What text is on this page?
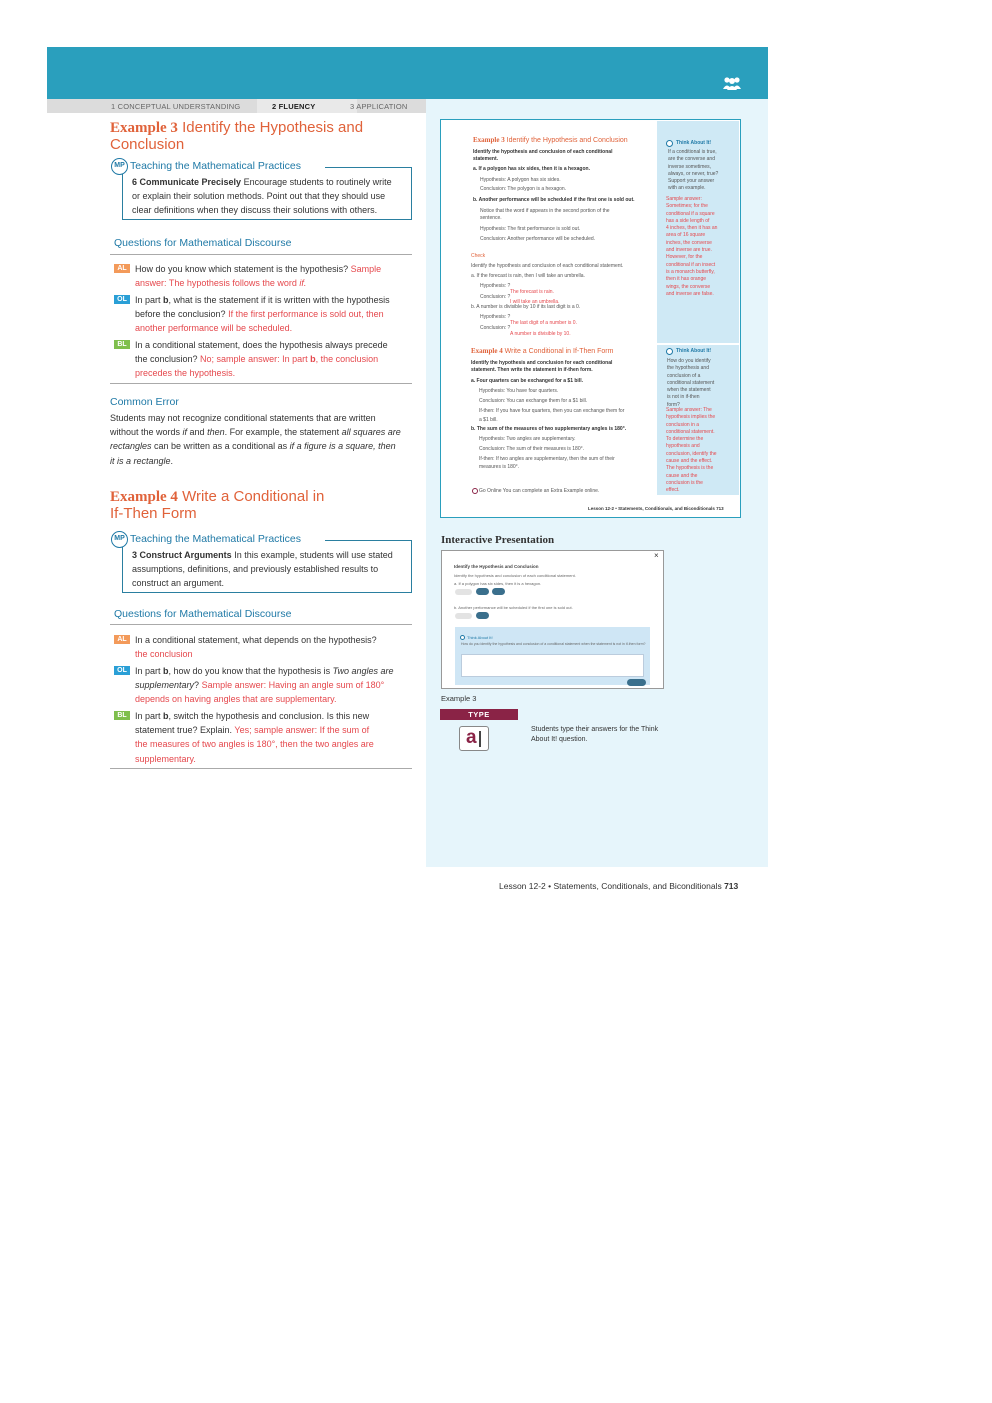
1 CONCEPTUAL UNDERSTANDING	2 FLUENCY	3 APPLICATION
Example 3 Identify the Hypothesis and
Conclusion
MP Teaching the Mathematical Practices
6 Communicate Precisely Encourage students to routinely write
or explain their solution methods. Point out that they should use
clear definitions when they discuss their solutions with others.
Questions for Mathematical Discourse
AL How do you know which statement is the hypothesis? Sample
answer: The hypothesis follows the word if.
OL In part b, what is the statement if it is written with the hypothesis
before the conclusion? If the first performance is sold out, then
another performance will be scheduled.
BL In a conditional statement, does the hypothesis always precede
the conclusion? No; sample answer: In part b, the conclusion
precedes the hypothesis.
Common Error
Students may not recognize conditional statements that are written
without the words if and then. For example, the statement all squares are
rectangles can be written as a conditional as if a figure is a square, then
it is a rectangle.
Example 4 Write a Conditional in
If-Then Form
MP Teaching the Mathematical Practices
3 Construct Arguments In this example, students will use stated
assumptions, definitions, and previously established results to
construct an argument.
Questions for Mathematical Discourse
AL In a conditional statement, what depends on the hypothesis?
the conclusion
OL In part b, how do you know that the hypothesis is Two angles are
supplementary? Sample answer: Having an angle sum of 180°
depends on having angles that are supplementary.
BL In part b, switch the hypothesis and conclusion. Is this new
statement true? Explain. Yes; sample answer: If the sum of
the measures of two angles is 180°, then the two angles are
supplementary.
Example 3 Identify the Hypothesis and Conclusion
Identify the hypothesis and conclusion of each conditional
statement.
a. If a polygon has six sides, then it is a hexagon.
Hypothesis: A polygon has six sides.
Conclusion: The polygon is a hexagon.
b. Another performance will be scheduled if the first one is sold out.
Notice that the word if appears in the second portion of the
sentence.
Hypothesis: The first performance is sold out.
Conclusion: Another performance will be scheduled.
Check
Identify the hypothesis and conclusion of each conditional statement.
a. If the forecast is rain, then I will take an umbrella.
Hypothesis: ?
The forecast is rain.
Conclusion: ?
I will take an umbrella.
b. A number is divisible by 10 if its last digit is a 0.
Hypothesis: ?
The last digit of a number is 0.
Conclusion: ?
A number is divisible by 10.
Example 4 Write a Conditional in If-Then Form
Identify the hypothesis and conclusion for each conditional
statement. Then write the statement in if-then form.
a. Four quarters can be exchanged for a $1 bill.
Hypothesis: You have four quarters.
Conclusion: You can exchange them for a $1 bill.
If-then: If you have four quarters, then you can exchange them for
a $1 bill.
b. The sum of the measures of two supplementary angles is 180°.
Hypothesis: Two angles are supplementary.
Conclusion: The sum of their measures is 180°.
If-then: If two angles are supplementary, then the sum of their
measures is 180°.
Go Online You can complete an Extra Example online.
Lesson 12-2 • Statements, Conditionals, and Biconditionals 713
Think About It!
If a conditional is true,
are the converse and
inverse sometimes,
always, or never, true?
Support your answer
with an example.
Sample answer:
Sometimes; for the
conditional if a square
has a side length of
4 inches, then it has an
area of 16 square
inches, the converse
and inverse are true.
However, for the
conditional if an insect
is a monarch butterfly,
then it has orange
wings, the converse
and inverse are false.
Think About It!
How do you identify
the hypothesis and
conclusion of a
conditional statement
when the statement
is not in if-then
form?
Sample answer: The
hypothesis implies the
conclusion in a
conditional statement.
To determine the
hypothesis and
conclusion, identify the
cause and the effect.
The hypothesis is the
cause and the
conclusion is the
effect.
Interactive Presentation
×
Identify the Hypothesis and Conclusion
Identify the hypothesis and conclusion of each conditional statement.
a. If a polygon has six sides, then it is a hexagon.
b. Another performance will be scheduled if the first one is sold out.
Think About It!
How do you identify the hypothesis and conclusion of a conditional statement when the statement is not in if-then form?
Example 3
TYPE
a	Students type their answers for the Think
About It! question.
Lesson 12-2 • Statements, Conditionals, and Biconditionals 713
